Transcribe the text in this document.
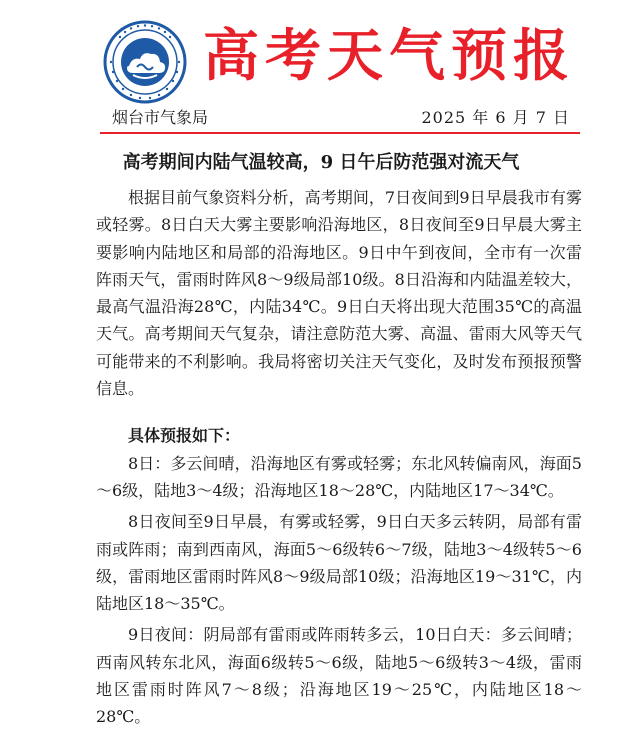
高考天气预报
烟台市气象局	2025 年 6 月 7 日
高考期间内陆气温较高，9 日午后防范强对流天气

根据目前气象资料分析，高考期间，7日夜间到9日早晨我市有雾或轻雾。8日白天大雾主要影响沿海地区，8日夜间至9日早晨大雾主要影响内陆地区和局部的沿海地区。9日中午到夜间，全市有一次雷阵雨天气，雷雨时阵风8～9级局部10级。8日沿海和内陆温差较大，最高气温沿海28℃，内陆34℃。9日白天将出现大范围35℃的高温天气。高考期间天气复杂，请注意防范大雾、高温、雷雨大风等天气可能带来的不利影响。我局将密切关注天气变化，及时发布预报预警信息。

具体预报如下：

8日：多云间晴，沿海地区有雾或轻雾；东北风转偏南风，海面5～6级，陆地3～4级；沿海地区18～28℃，内陆地区17～34℃。

8日夜间至9日早晨，有雾或轻雾，9日白天多云转阴，局部有雷雨或阵雨；南到西南风，海面5～6级转6～7级，陆地3～4级转5～6级，雷雨地区雷雨时阵风8～9级局部10级；沿海地区19～31℃，内陆地区18～35℃。

9日夜间：阴局部有雷雨或阵雨转多云，10日白天：多云间晴；西南风转东北风，海面6级转5～6级，陆地5～6级转3～4级，雷雨地区雷雨时阵风7～8级；沿海地区19～25℃，内陆地区18～28℃。
